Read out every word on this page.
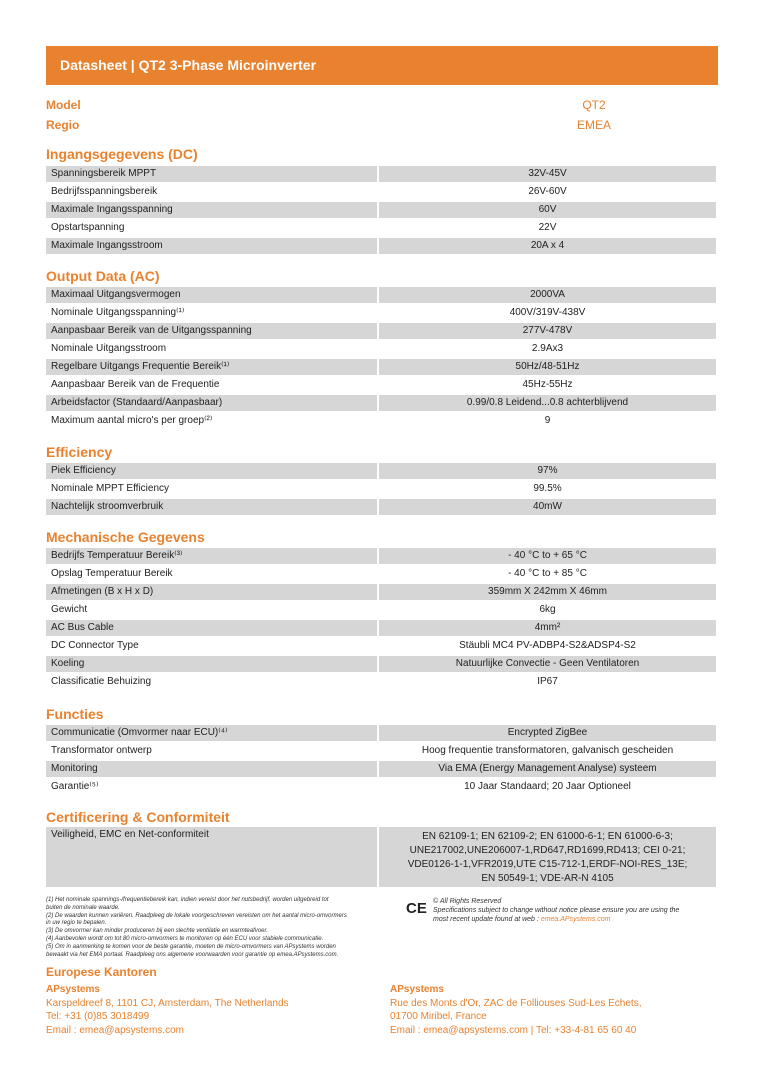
Datasheet | QT2 3-Phase Microinverter
Model	QT2
Regio	EMEA
Ingangsgegevens (DC)
Spanningsbereik MPPT	32V-45V
Bedrijfsspanningsbereik	26V-60V
Maximale Ingangsspanning	60V
Opstartspanning	22V
Maximale Ingangsstroom	20A x 4
Output Data (AC)
Maximaal Uitgangsvermogen	2000VA
Nominale Uitgangsspanning⁽¹⁾	400V/319V-438V
Aanpasbaar Bereik van de Uitgangsspanning	277V-478V
Nominale Uitgangsstroom	2.9Ax3
Regelbare Uitgangs Frequentie Bereik⁽¹⁾	50Hz/48-51Hz
Aanpasbaar Bereik van de Frequentie	45Hz-55Hz
Arbeidsfactor (Standaard/Aanpasbaar)	0.99/0.8 Leidend...0.8 achterblijvend
Maximum aantal micro's per groep⁽²⁾	9
Efficiency
Piek Efficiency	97%
Nominale MPPT Efficiency	99.5%
Nachtelijk stroomverbruik	40mW
Mechanische Gegevens
Bedrijfs Temperatuur Bereik⁽³⁾	- 40 °C to + 65 °C
Opslag Temperatuur Bereik	- 40 °C to + 85 °C
Afmetingen (B x H x D)	359mm X 242mm X 46mm
Gewicht	6kg
AC Bus Cable	4mm²
DC Connector Type	Stäubli MC4 PV-ADBP4-S2&ADSP4-S2
Koeling	Natuurlijke Convectie - Geen Ventilatoren
Classificatie Behuizing	IP67
Functies
Communicatie (Omvormer naar ECU)⁽⁴⁾	Encrypted ZigBee
Transformator ontwerp	Hoog frequentie transformatoren, galvanisch gescheiden
Monitoring	Via EMA (Energy Management Analyse) systeem
Garantie⁽⁵⁾	10 Jaar Standaard; 20 Jaar Optioneel
Certificering & Conformiteit
Veiligheid, EMC en Net-conformiteit	EN 62109-1; EN 62109-2; EN 61000-6-1; EN 61000-6-3;
UNE217002,UNE206007-1,RD647,RD1699,RD413; CEI 0-21;
VDE0126-1-1,VFR2019,UTE C15-712-1,ERDF-NOI-RES_13E;
EN 50549-1; VDE-AR-N 4105
(1) Het nominale spannings-/frequentiebereik kan, indien vereist door het nutsbedrijf, worden uitgebreid tot
buiten de nominale waarde.
(2) De waarden kunnen variëren. Raadpleeg de lokale voorgeschreven vereisten om het aantal micro-omvormers
in uw regio te bepalen.
(3) De omvormer kan minder produceren bij een slechte ventilatie en warmteafvoer.
(4) Aanbevolen wordt om tot 80 micro-omvormers te monitoren op één ECU voor stabiele communicatie.
(5) Om in aanmerking te komen voor de beste garantie, moeten de micro-omvormers van APsystems worden
bewaakt via het EMA portaal. Raadpleeg ons algemene voorwaarden voor garantie op emea.APsystems.com.
CE © All Rights Reserved
Specifications subject to change without notice please ensure you are using the
most recent update found at web : emea.APsystems.com
Europese Kantoren
APsystems
Karspeldreef 8, 1101 CJ, Amsterdam, The Netherlands
Tel: +31 (0)85 3018499
Email : emea@apsystems.com
APsystems
Rue des Monts d'Or, ZAC de Folliouses Sud-Les Echets,
01700 Miribel, France
Email : emea@apsystems.com | Tel: +33-4-81 65 60 40
